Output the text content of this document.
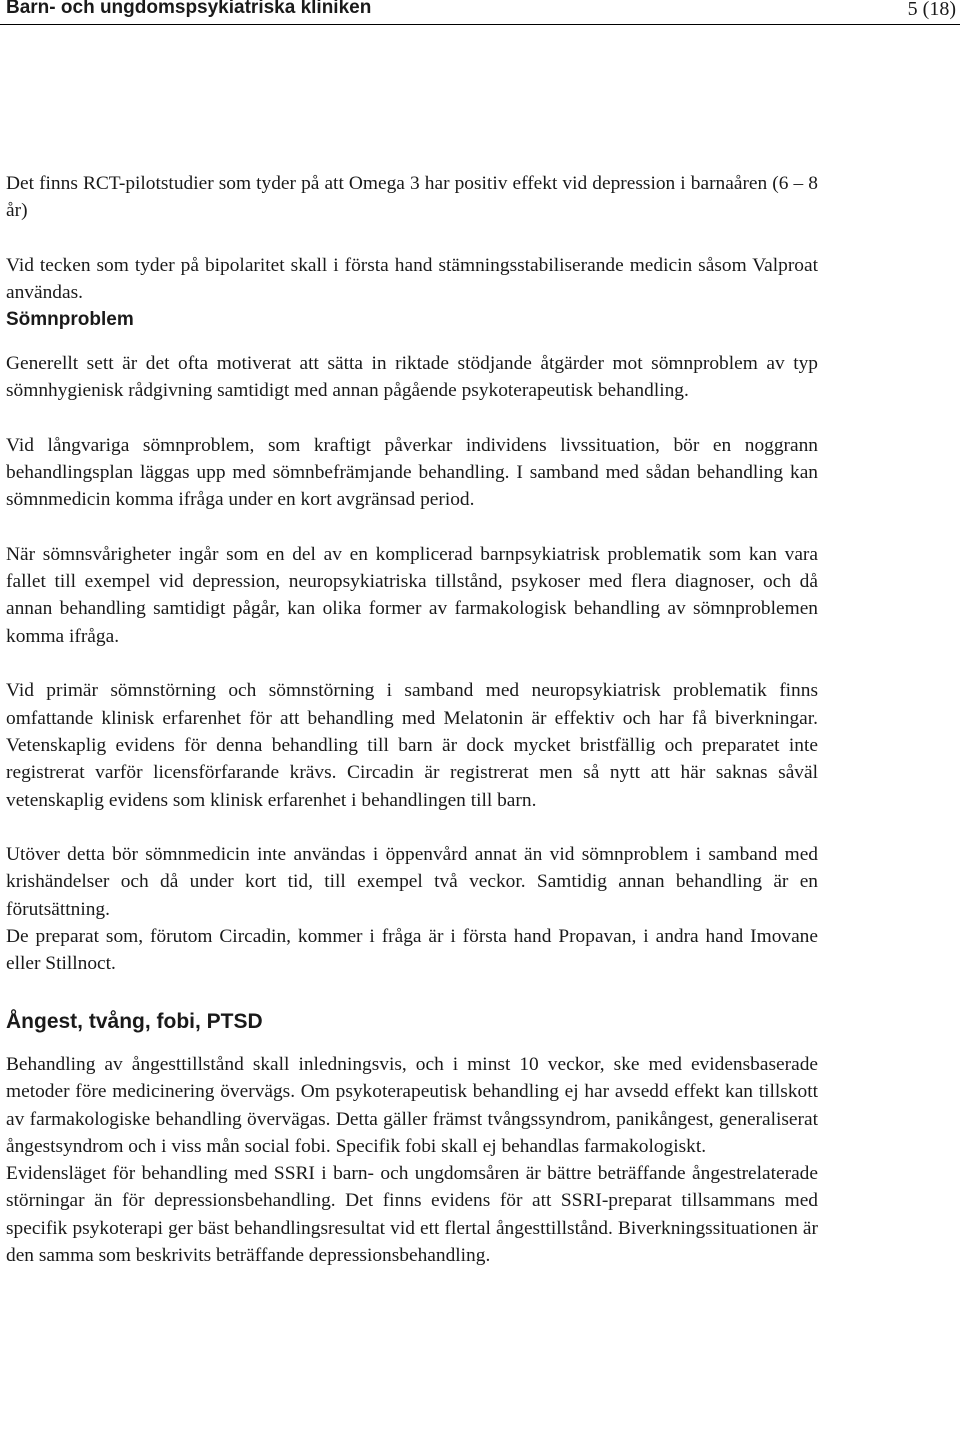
Barn- och ungdomspsykiatriska kliniken	5 (18)

Det finns RCT-pilotstudier som tyder på att Omega 3 har positiv effekt vid depression i barnaåren (6 – 8 år)

Vid tecken som tyder på bipolaritet skall i första hand stämningsstabiliserande medicin såsom Valproat användas.

Sömnproblem

Generellt sett är det ofta motiverat att sätta in riktade stödjande åtgärder mot sömnproblem av typ sömnhygienisk rådgivning samtidigt med annan pågående psykoterapeutisk behandling.

Vid långvariga sömnproblem, som kraftigt påverkar individens livssituation, bör en noggrann behandlingsplan läggas upp med sömnbefrämjande behandling. I samband med sådan behandling kan sömnmedicin komma ifråga under en kort avgränsad period.

När sömnsvårigheter ingår som en del av en komplicerad barnpsykiatrisk problematik som kan vara fallet till exempel vid depression, neuropsykiatriska tillstånd, psykoser med flera diagnoser, och då annan behandling samtidigt pågår, kan olika former av farmakologisk behandling av sömnproblemen komma ifråga.

Vid primär sömnstörning och sömnstörning i samband med neuropsykiatrisk problematik finns omfattande klinisk erfarenhet för att behandling med Melatonin är effektiv och har få biverkningar. Vetenskaplig evidens för denna behandling till barn är dock mycket bristfällig och preparatet inte registrerat varför licensförfarande krävs. Circadin är registrerat men så nytt att här saknas såväl vetenskaplig evidens som klinisk erfarenhet i behandlingen till barn.

Utöver detta bör sömnmedicin inte användas i öppenvård annat än vid sömnproblem i samband med krishändelser och då under kort tid, till exempel två veckor. Samtidig annan behandling är en förutsättning.

De preparat som, förutom Circadin, kommer i fråga är i första hand Propavan, i andra hand Imovane eller Stillnoct.

Ångest, tvång, fobi, PTSD

Behandling av ångesttillstånd skall inledningsvis, och i minst 10 veckor, ske med evidensbaserade metoder före medicinering övervägs. Om psykoterapeutisk behandling ej har avsedd effekt kan tillskott av farmakologiske behandling övervägas. Detta gäller främst tvångssyndrom, panikångest, generaliserat ångestsyndrom och i viss mån social fobi. Specifik fobi skall ej behandlas farmakologiskt.

Evidensläget för behandling med SSRI i barn- och ungdomsåren är bättre beträffande ångestrelaterade störningar än för depressionsbehandling. Det finns evidens för att SSRI-preparat tillsammans med specifik psykoterapi ger bäst behandlingsresultat vid ett flertal ångesttillstånd. Biverkningssituationen är den samma som beskrivits beträffande depressionsbehandling.
